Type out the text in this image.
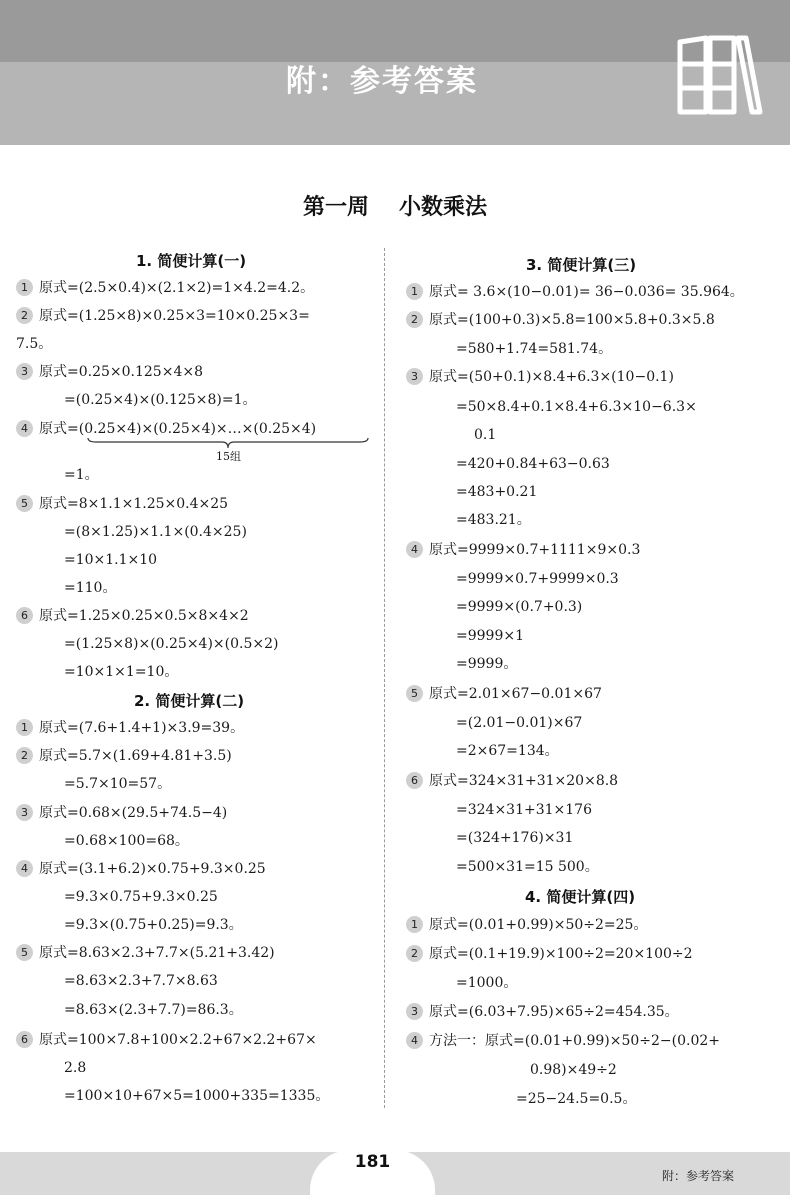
附：参考答案
第一周 小数乘法
1. 简便计算(一)
1 原式=(2.5×0.4)×(2.1×2)=1×4.2=4.2。
2 原式=(1.25×8)×0.25×3=10×0.25×3=
7.5。
3 原式=0.25×0.125×4×8
=(0.25×4)×(0.125×8)=1。
4 原式=(0.25×4)×(0.25×4)×…×(0.25×4)
15组
=1。
5 原式=8×1.1×1.25×0.4×25
=(8×1.25)×1.1×(0.4×25)
=10×1.1×10
=110。
6 原式=1.25×0.25×0.5×8×4×2
=(1.25×8)×(0.25×4)×(0.5×2)
=10×1×1=10。
2. 简便计算(二)
1 原式=(7.6+1.4+1)×3.9=39。
2 原式=5.7×(1.69+4.81+3.5)
=5.7×10=57。
3 原式=0.68×(29.5+74.5−4)
=0.68×100=68。
4 原式=(3.1+6.2)×0.75+9.3×0.25
=9.3×0.75+9.3×0.25
=9.3×(0.75+0.25)=9.3。
5 原式=8.63×2.3+7.7×(5.21+3.42)
=8.63×2.3+7.7×8.63
=8.63×(2.3+7.7)=86.3。
6 原式=100×7.8+100×2.2+67×2.2+67×
2.8
=100×10+67×5=1000+335=1335。
3. 简便计算(三)
1 原式= 3.6×(10−0.01)= 36−0.036= 35.964。
2 原式=(100+0.3)×5.8=100×5.8+0.3×5.8
=580+1.74=581.74。
3 原式=(50+0.1)×8.4+6.3×(10−0.1)
=50×8.4+0.1×8.4+6.3×10−6.3×
0.1
=420+0.84+63−0.63
=483+0.21
=483.21。
4 原式=9999×0.7+1111×9×0.3
=9999×0.7+9999×0.3
=9999×(0.7+0.3)
=9999×1
=9999。
5 原式=2.01×67−0.01×67
=(2.01−0.01)×67
=2×67=134。
6 原式=324×31+31×20×8.8
=324×31+31×176
=(324+176)×31
=500×31=15 500。
4. 简便计算(四)
1 原式=(0.01+0.99)×50÷2=25。
2 原式=(0.1+19.9)×100÷2=20×100÷2
=1000。
3 原式=(6.03+7.95)×65÷2=454.35。
4 方法一：原式=(0.01+0.99)×50÷2−(0.02+
0.98)×49÷2
=25−24.5=0.5。
181
附：参考答案
